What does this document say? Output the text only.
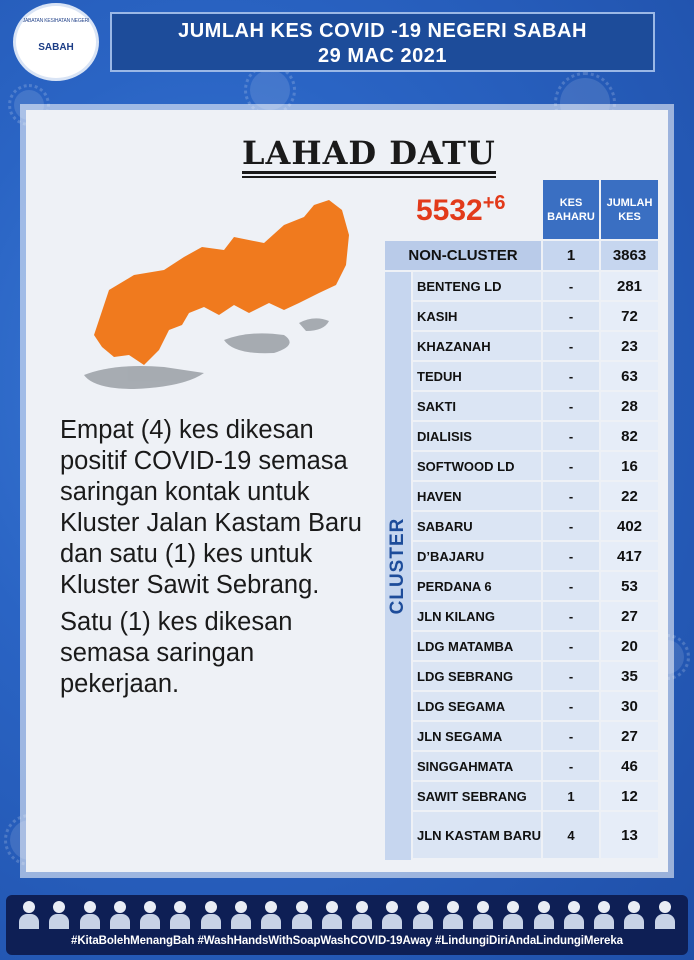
JABATAN KESIHATAN NEGERI
SABAH
JUMLAH KES COVID -19 NEGERI SABAH
29 MAC 2021
LAHAD DATU
$5532^{+6}$

Empat (4) kes dikesan positif COVID-19 semasa saringan kontak untuk Kluster Jalan Kastam Baru dan satu (1) kes untuk Kluster Sawit Sebrang.

Satu (1) kes dikesan semasa saringan pekerjaan.

KES BAHARU
JUMLAH KES
NON-CLUSTER	1	3863
CLUSTER
BENTENG LD	-	281
KASIH	-	72
KHAZANAH	-	23
TEDUH	-	63
SAKTI	-	28
DIALISIS	-	82
SOFTWOOD LD	-	16
HAVEN	-	22
SABARU	-	402
D’BAJARU	-	417
PERDANA 6	-	53
JLN KILANG	-	27
LDG MATAMBA	-	20
LDG SEBRANG	-	35
LDG SEGAMA	-	30
JLN SEGAMA	-	27
SINGGAHMATA	-	46
SAWIT SEBRANG	1	12
JLN KASTAM BARU	4	13
#KitaBolehMenangBah #WashHandsWithSoapWashCOVID-19Away #LindungiDiriAndaLindungiMereka
